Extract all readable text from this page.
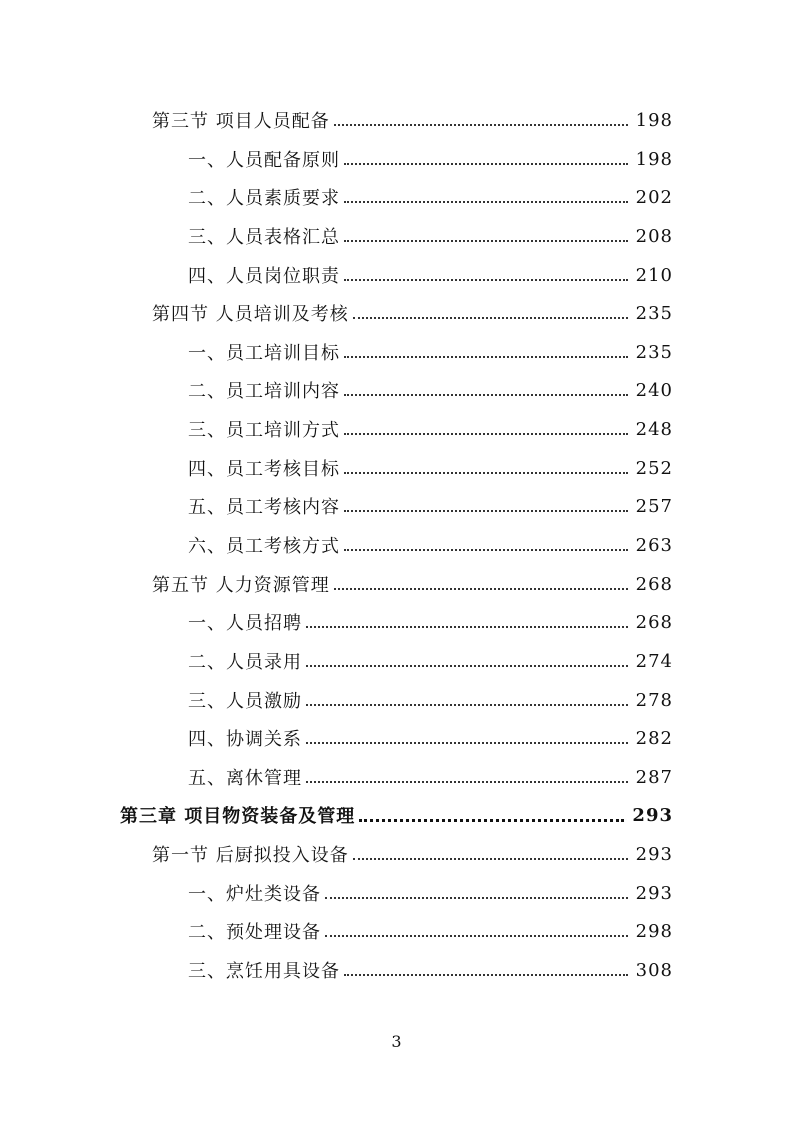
第三节 项目人员配备	198
一、人员配备原则	198
二、人员素质要求	202
三、人员表格汇总	208
四、人员岗位职责	210
第四节 人员培训及考核	235
一、员工培训目标	235
二、员工培训内容	240
三、员工培训方式	248
四、员工考核目标	252
五、员工考核内容	257
六、员工考核方式	263
第五节 人力资源管理	268
一、人员招聘	268
二、人员录用	274
三、人员激励	278
四、协调关系	282
五、离休管理	287
第三章 项目物资装备及管理	293
第一节 后厨拟投入设备	293
一、炉灶类设备	293
二、预处理设备	298
三、烹饪用具设备	308
3
